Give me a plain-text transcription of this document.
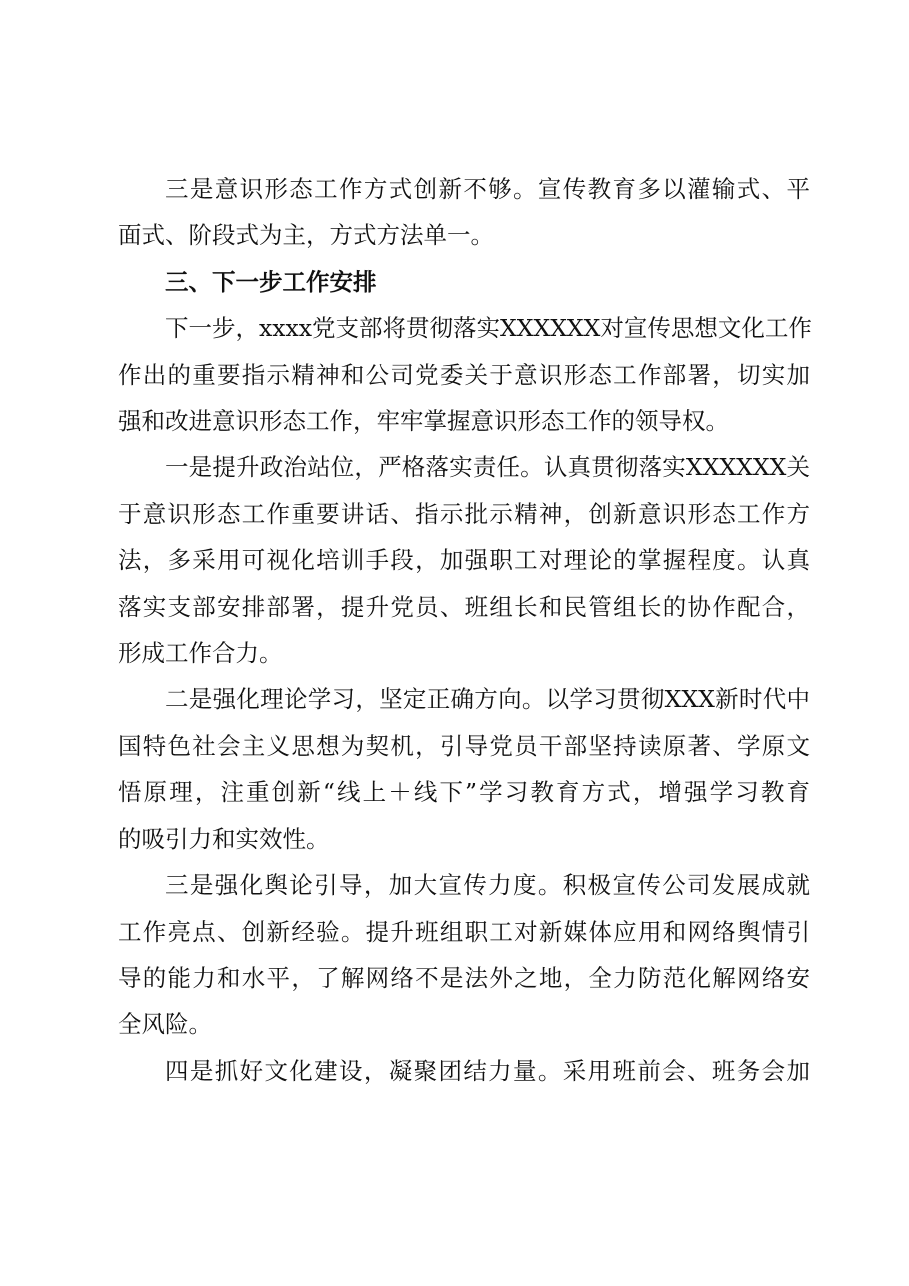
三是意识形态工作方式创新不够。宣传教育多以灌输式、平
面式、阶段式为主，方式方法单一。
三、下一步工作安排
下一步，xxxx党支部将贯彻落实XXXXXX对宣传思想文化工作
作出的重要指示精神和公司党委关于意识形态工作部署，切实加
强和改进意识形态工作，牢牢掌握意识形态工作的领导权。
一是提升政治站位，严格落实责任。认真贯彻落实XXXXXX关
于意识形态工作重要讲话、指示批示精神，创新意识形态工作方
法，多采用可视化培训手段，加强职工对理论的掌握程度。认真
落实支部安排部署，提升党员、班组长和民管组长的协作配合，
形成工作合力。
二是强化理论学习，坚定正确方向。以学习贯彻XXX新时代中
国特色社会主义思想为契机，引导党员干部坚持读原著、学原文
悟原理，注重创新“线上＋线下”学习教育方式，增强学习教育
的吸引力和实效性。
三是强化舆论引导，加大宣传力度。积极宣传公司发展成就
工作亮点、创新经验。提升班组职工对新媒体应用和网络舆情引
导的能力和水平，了解网络不是法外之地，全力防范化解网络安
全风险。
四是抓好文化建设，凝聚团结力量。采用班前会、班务会加
